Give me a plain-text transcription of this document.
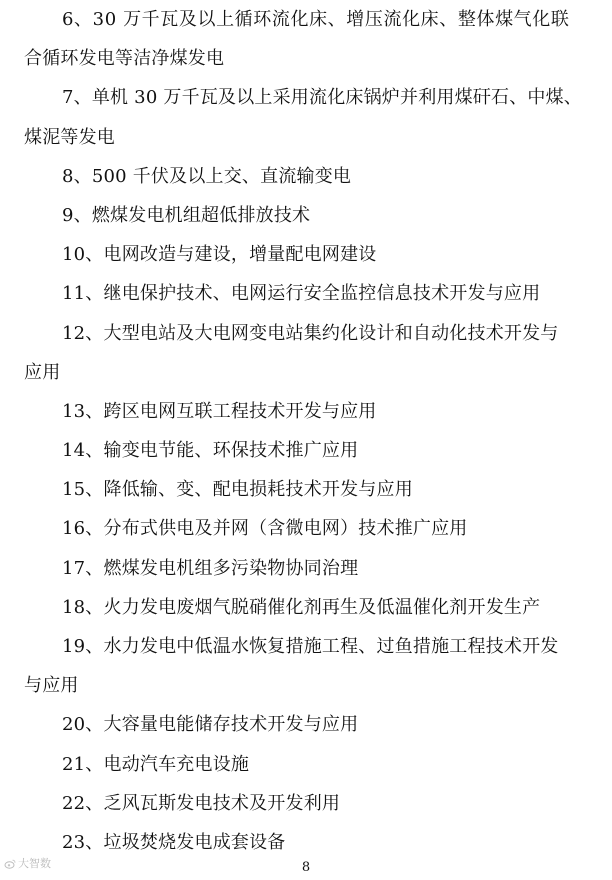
6、30 万千瓦及以上循环流化床、增压流化床、整体煤气化联
合循环发电等洁净煤发电
7、单机 30 万千瓦及以上采用流化床锅炉并利用煤矸石、中煤、
煤泥等发电
8、500 千伏及以上交、直流输变电
9、燃煤发电机组超低排放技术
10、电网改造与建设，增量配电网建设
11、继电保护技术、电网运行安全监控信息技术开发与应用
12、大型电站及大电网变电站集约化设计和自动化技术开发与
应用
13、跨区电网互联工程技术开发与应用
14、输变电节能、环保技术推广应用
15、降低输、变、配电损耗技术开发与应用
16、分布式供电及并网（含微电网）技术推广应用
17、燃煤发电机组多污染物协同治理
18、火力发电废烟气脱硝催化剂再生及低温催化剂开发生产
19、水力发电中低温水恢复措施工程、过鱼措施工程技术开发
与应用
20、大容量电能储存技术开发与应用
21、电动汽车充电设施
22、乏风瓦斯发电技术及开发利用
23、垃圾焚烧发电成套设备
8
大智数
